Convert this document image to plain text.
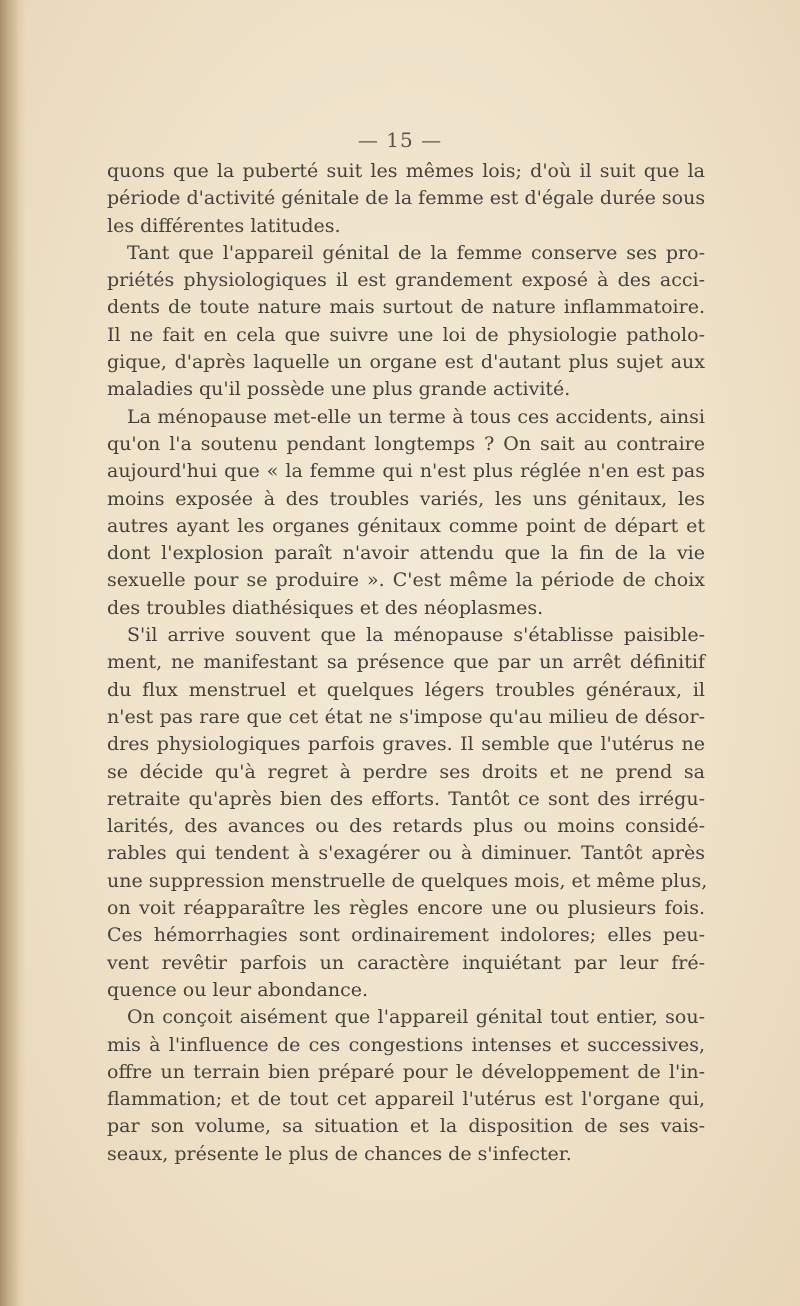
— 15 —

quons que la puberté suit les mêmes lois; d'où il suit que la
période d'activité génitale de la femme est d'égale durée sous
les différentes latitudes.

Tant que l'appareil génital de la femme conserve ses pro-
priétés physiologiques il est grandement exposé à des acci-
dents de toute nature mais surtout de nature inflammatoire.
Il ne fait en cela que suivre une loi de physiologie patholo-
gique, d'après laquelle un organe est d'autant plus sujet aux
maladies qu'il possède une plus grande activité.

La ménopause met-elle un terme à tous ces accidents, ainsi
qu'on l'a soutenu pendant longtemps ? On sait au contraire
aujourd'hui que « la femme qui n'est plus réglée n'en est pas
moins exposée à des troubles variés, les uns génitaux, les
autres ayant les organes génitaux comme point de départ et
dont l'explosion paraît n'avoir attendu que la fin de la vie
sexuelle pour se produire ». C'est même la période de choix
des troubles diathésiques et des néoplasmes.

S'il arrive souvent que la ménopause s'établisse paisible-
ment, ne manifestant sa présence que par un arrêt définitif
du flux menstruel et quelques légers troubles généraux, il
n'est pas rare que cet état ne s'impose qu'au milieu de désor-
dres physiologiques parfois graves. Il semble que l'utérus ne
se décide qu'à regret à perdre ses droits et ne prend sa
retraite qu'après bien des efforts. Tantôt ce sont des irrégu-
larités, des avances ou des retards plus ou moins considé-
rables qui tendent à s'exagérer ou à diminuer. Tantôt après
une suppression menstruelle de quelques mois, et même plus,
on voit réapparaître les règles encore une ou plusieurs fois.
Ces hémorrhagies sont ordinairement indolores; elles peu-
vent revêtir parfois un caractère inquiétant par leur fré-
quence ou leur abondance.

On conçoit aisément que l'appareil génital tout entier, sou-
mis à l'influence de ces congestions intenses et successives,
offre un terrain bien préparé pour le développement de l'in-
flammation; et de tout cet appareil l'utérus est l'organe qui,
par son volume, sa situation et la disposition de ses vais-
seaux, présente le plus de chances de s'infecter.
